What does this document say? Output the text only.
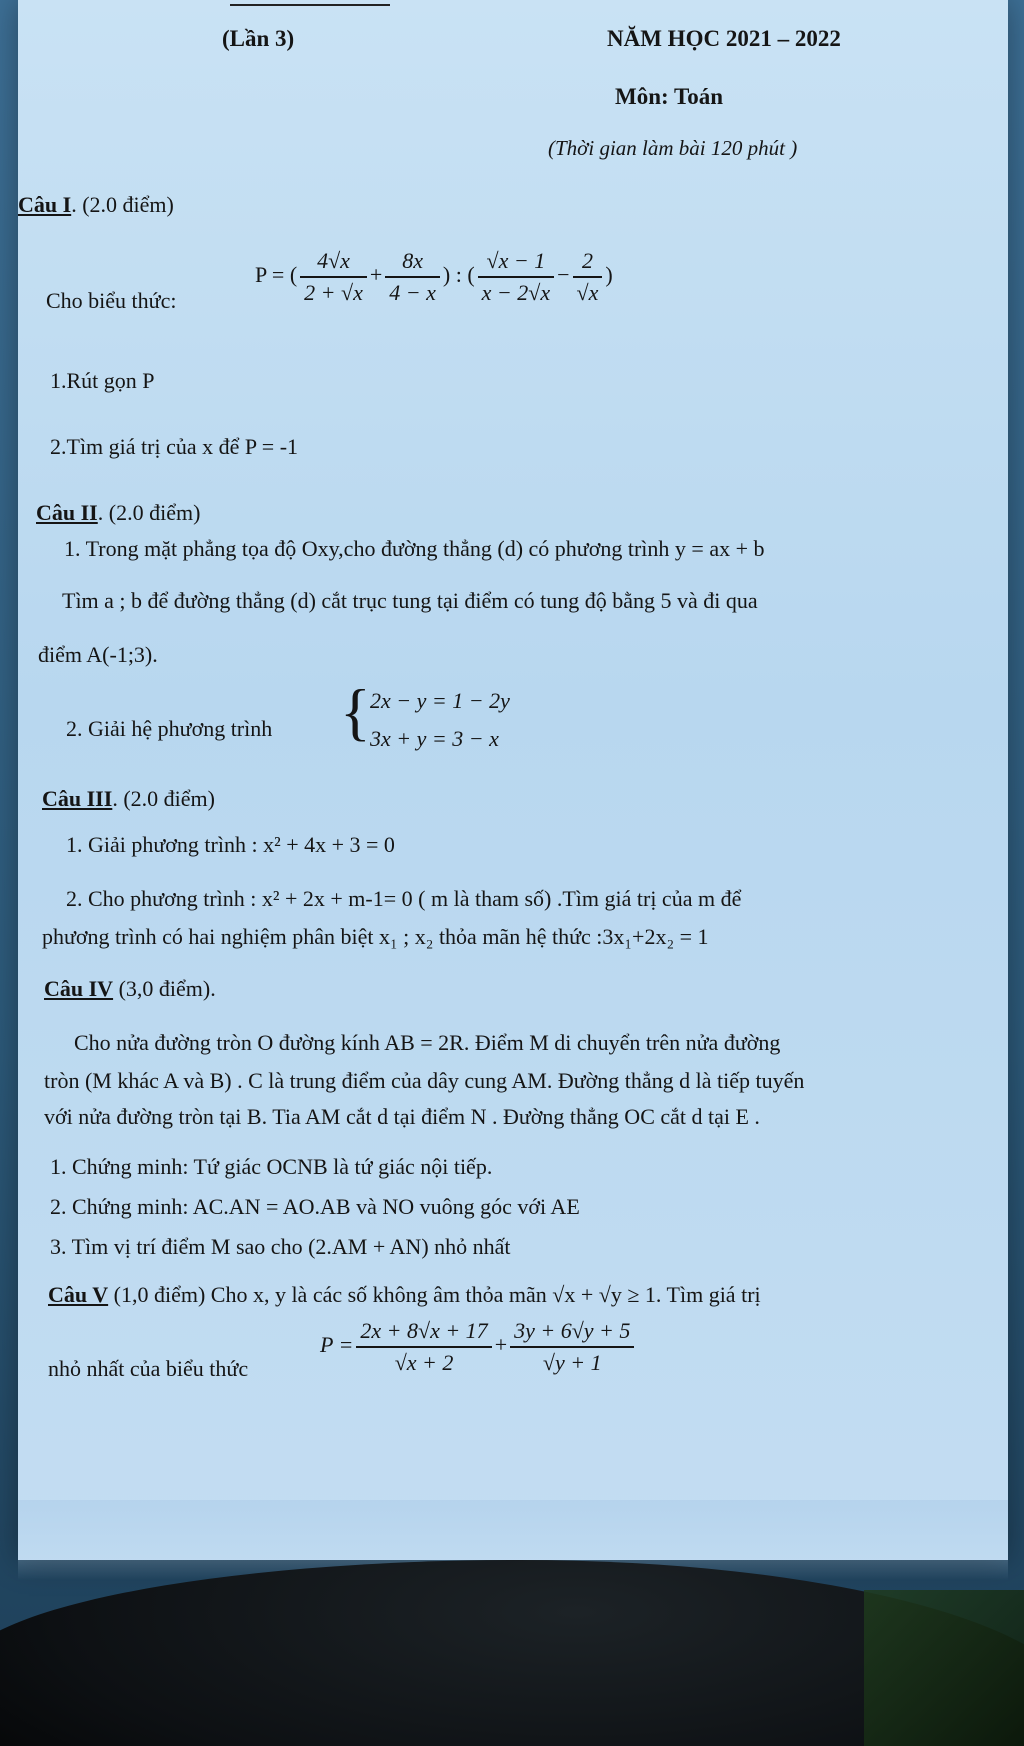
(Lần 3)	NĂM HỌC 2021 – 2022
Môn: Toán
(Thời gian làm bài 120 phút )
Câu I. (2.0 điểm)
Cho biểu thức:
P = ( $\frac{4√x}{2 + √x} + \frac{8x}{4 - x}$ ) : ( $\frac{√x - 1}{x - 2√x} - \frac{2}{√x}$ )
1.Rút gọn P
2.Tìm giá trị của x để P = -1
Câu II. (2.0 điểm)
1. Trong mặt phẳng tọa độ Oxy,cho đường thẳng (d) có phương trình y = ax + b
Tìm a ; b để đường thẳng (d) cắt trục tung tại điểm có tung độ bằng 5 và đi qua
điểm A(-1;3).
2. Giải hệ phương trình { 2x − y = 1 − 2y
3x + y = 3 − x
Câu III. (2.0 điểm)
1. Giải phương trình : x² + 4x + 3 = 0
2. Cho phương trình : x² + 2x + m-1= 0 ( m là tham số) .Tìm giá trị của m để
phương trình có hai nghiệm phân biệt x₁ ; x₂ thỏa mãn hệ thức :3x₁+2x₂ = 1
Câu IV (3,0 điểm).
Cho nửa đường tròn O đường kính AB = 2R. Điểm M di chuyển trên nửa đường
tròn (M khác A và B) . C là trung điểm của dây cung AM. Đường thẳng d là tiếp tuyến
với nửa đường tròn tại B. Tia AM cắt d tại điểm N . Đường thẳng OC cắt d tại E .
1. Chứng minh: Tứ giác OCNB là tứ giác nội tiếp.
2. Chứng minh: AC.AN = AO.AB và NO vuông góc với AE
3. Tìm vị trí điểm M sao cho (2.AM + AN) nhỏ nhất
Câu V (1,0 điểm) Cho x, y là các số không âm thỏa mãn √x + √y ≥ 1. Tìm giá trị
nhỏ nhất của biểu thức
$P = \frac{2x + 8√x + 17}{√x + 2} + \frac{3y + 6√y + 5}{√y + 1}$
